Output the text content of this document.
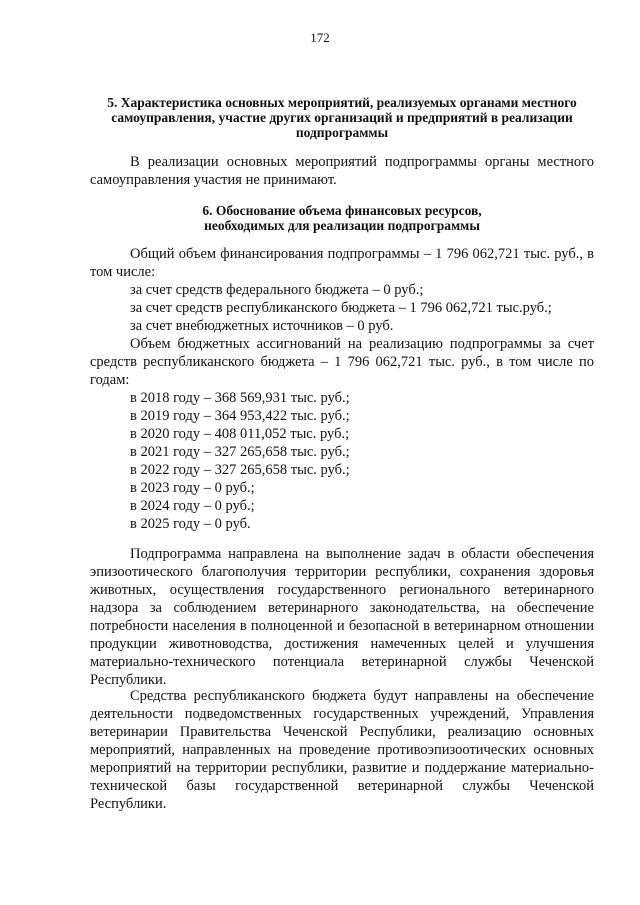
172
5. Характеристика основных мероприятий, реализуемых органами местного самоуправления, участие других организаций и предприятий в реализации подпрограммы
В реализации основных мероприятий подпрограммы органы местного самоуправления участия не принимают.
6. Обоснование объема финансовых ресурсов,
необходимых для реализации подпрограммы
Общий объем финансирования подпрограммы – 1 796 062,721 тыс. руб., в том числе:
за счет средств федерального бюджета – 0 руб.;
за счет средств республиканского бюджета – 1 796 062,721 тыс.руб.;
за счет внебюджетных источников – 0 руб.
Объем бюджетных ассигнований на реализацию подпрограммы за счет средств республиканского бюджета – 1 796 062,721 тыс. руб., в том числе по годам:
в 2018 году – 368 569,931 тыс. руб.;
в 2019 году – 364 953,422 тыс. руб.;
в 2020 году – 408 011,052 тыс. руб.;
в 2021 году – 327 265,658 тыс. руб.;
в 2022 году – 327 265,658 тыс. руб.;
в 2023 году – 0 руб.;
в 2024 году – 0 руб.;
в 2025 году – 0 руб.
Подпрограмма направлена на выполнение задач в области обеспечения эпизоотического благополучия территории республики, сохранения здоровья животных, осуществления государственного регионального ветеринарного надзора за соблюдением ветеринарного законодательства, на обеспечение потребности населения в полноценной и безопасной в ветеринарном отношении продукции животноводства, достижения намеченных целей и улучшения материально-технического потенциала ветеринарной службы Чеченской Республики.
Средства республиканского бюджета будут направлены на обеспечение деятельности подведомственных государственных учреждений, Управления ветеринарии Правительства Чеченской Республики, реализацию основных мероприятий, направленных на проведение противоэпизоотических основных мероприятий на территории республики, развитие и поддержание материально-технической базы государственной ветеринарной службы Чеченской Республики.
